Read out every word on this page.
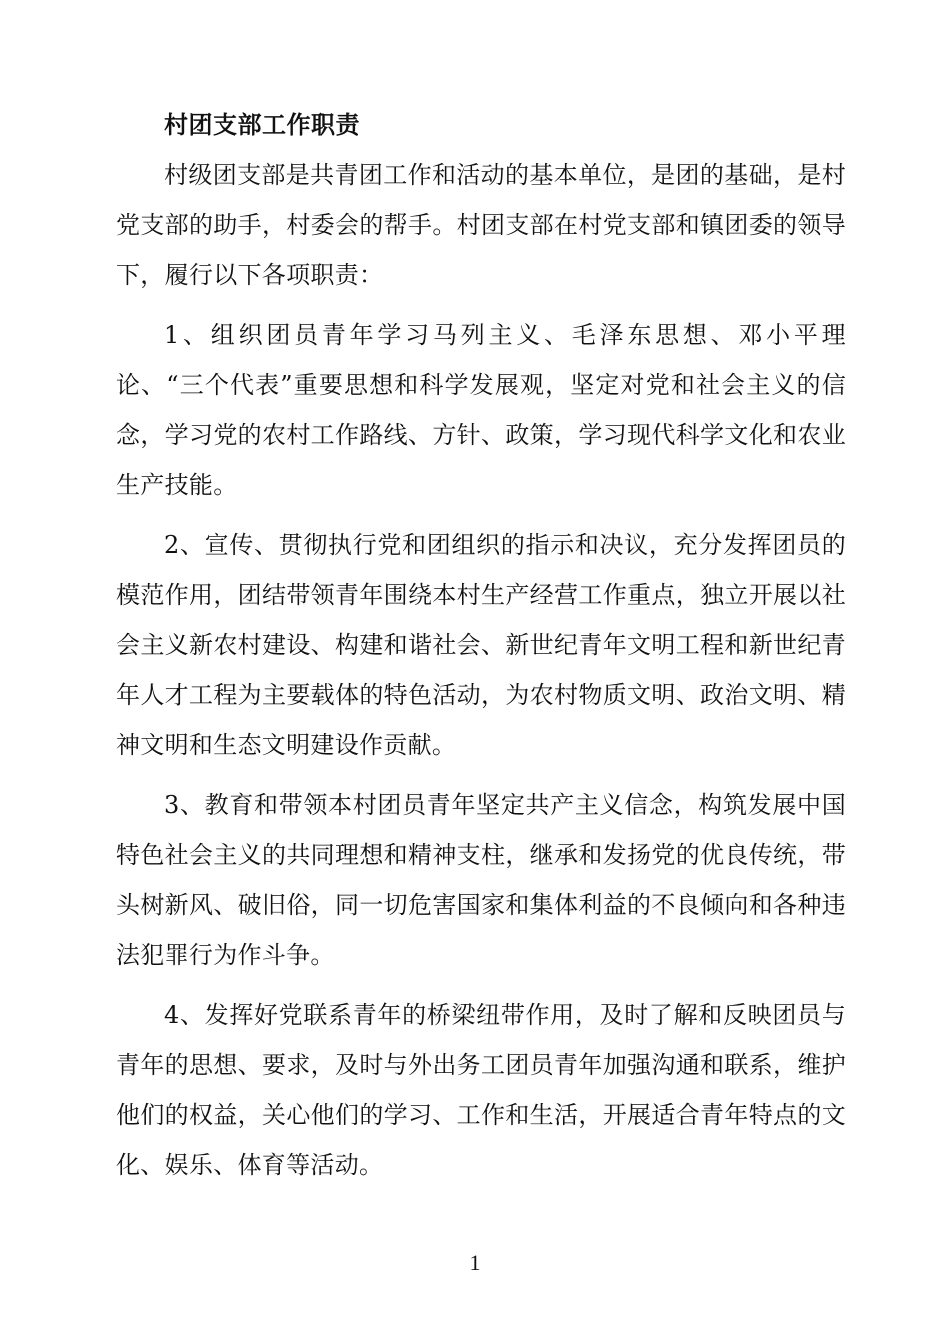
村团支部工作职责

村级团支部是共青团工作和活动的基本单位，是团的基础，是村党支部的助手，村委会的帮手。村团支部在村党支部和镇团委的领导下，履行以下各项职责：

1、组织团员青年学习马列主义、毛泽东思想、邓小平理论、“三个代表”重要思想和科学发展观，坚定对党和社会主义的信念，学习党的农村工作路线、方针、政策，学习现代科学文化和农业生产技能。

2、宣传、贯彻执行党和团组织的指示和决议，充分发挥团员的模范作用，团结带领青年围绕本村生产经营工作重点，独立开展以社会主义新农村建设、构建和谐社会、新世纪青年文明工程和新世纪青年人才工程为主要载体的特色活动，为农村物质文明、政治文明、精神文明和生态文明建设作贡献。

3、教育和带领本村团员青年坚定共产主义信念，构筑发展中国特色社会主义的共同理想和精神支柱，继承和发扬党的优良传统，带头树新风、破旧俗，同一切危害国家和集体利益的不良倾向和各种违法犯罪行为作斗争。

4、发挥好党联系青年的桥梁纽带作用，及时了解和反映团员与青年的思想、要求，及时与外出务工团员青年加强沟通和联系，维护他们的权益，关心他们的学习、工作和生活，开展适合青年特点的文化、娱乐、体育等活动。

1
